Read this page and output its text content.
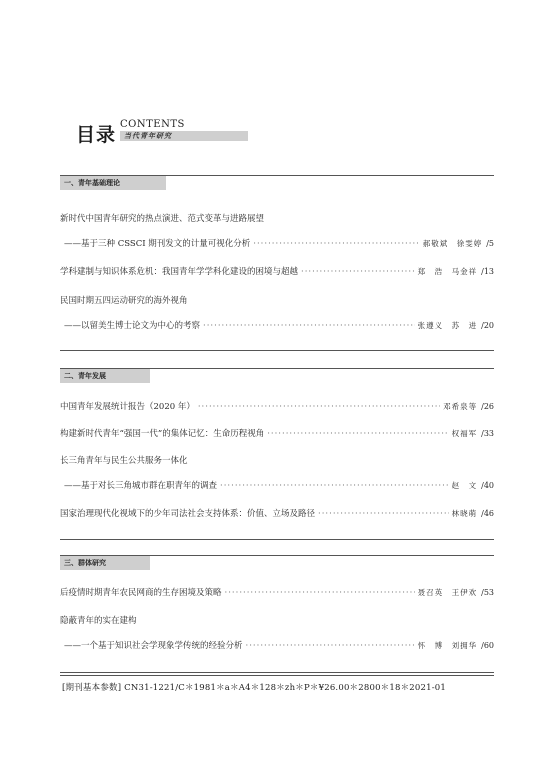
目录 CONTENTS
当代青年研究
一、青年基础理论
新时代中国青年研究的热点演进、范式变革与进路展望
——基于三种 CSSCI 期刊发文的计量可视化分析 ·····	郝敬斌　徐雯婷 /5
学科建制与知识体系危机：我国青年学学科化建设的困境与超越 ·····	郑　浩　马金祥 /13
民国时期五四运动研究的海外视角
——以留美生博士论文为中心的考察 ·····	张遵义　苏　进 /20
二、青年发展
中国青年发展统计报告（2020 年） ·····	邓希泉等 /26
构建新时代青年“强国一代”的集体记忆：生命历程视角 ·····	权福军 /33
长三角青年与民生公共服务一体化
——基于对长三角城市群在职青年的调查 ·····	赵　文 /40
国家治理现代化视域下的少年司法社会支持体系：价值、立场及路径 ·····	林晓萌 /46
三、群体研究
后疫情时期青年农民网商的生存困境及策略 ·····	聂召英　王伊欢 /53
隐蔽青年的实在建构
——一个基于知识社会学现象学传统的经验分析 ·····	怀　博　刘拥华 /60
[期刊基本参数] CN31-1221/C＊1981＊a＊A4＊128＊zh＊P＊¥26.00＊2800＊18＊2021-01
